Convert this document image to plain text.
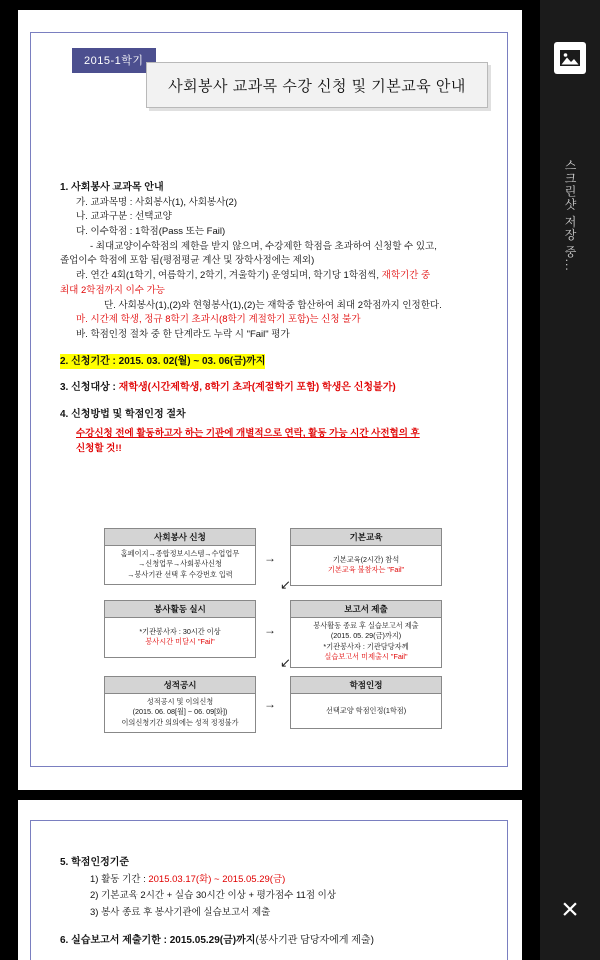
2015-1학기
사회봉사 교과목 수강 신청 및 기본교육 안내
1. 사회봉사 교과목 안내
가. 교과목명 : 사회봉사(1), 사회봉사(2)
나. 교과구분 : 선택교양
다. 이수학점 : 1학점(Pass 또는 Fail)
- 최대교양이수학점의 제한을 받지 않으며, 수강제한 학점을 초과하여 신청할 수 있고,
졸업이수 학점에 포함 됨(평점평균 계산 및 장학사정에는 제외)
라. 연간 4회(1학기, 여름학기, 2학기, 겨울학기) 운영되며, 학기당 1학점씩, 재학기간 중
최대 2학점까지 이수 가능
단. 사회봉사(1),(2)와 현형봉사(1),(2)는 재학중 합산하여 최대 2학점까지 인정한다.
마. 시간제 학생, 정규 8학기 초과시(8학기 계절학기 포함)는 신청 불가
바. 학점인정 절차 중 한 단계라도 누락 시 "Fail" 평가
2. 신청기간 : 2015. 03. 02(월) ~ 03. 06(금)까지
3. 신청대상 : 재학생(시간제학생, 8학기 초과(계절학기 포함) 학생은 신청불가)
4. 신청방법 및 학점인정 절차
수강신청 전에 활동하고자 하는 기관에 개별적으로 연락, 활동 가능 시간 사전협의 후
신청할 것!!
사회봉사 신청
홈페이지→종합정보시스템→수업업무
→신청업무→사회봉사신청
→봉사기관 선택 후 수강번호 입력
→
기본교육
기본교육(2시간) 참석
기본교육 불참자는 "Fail"
↙
봉사활동 실시
*기관봉사자 : 30시간 이상
봉사시간 미달시 "Fail"
→
보고서 제출
봉사활동 종료 후 실습보고서 제출
(2015. 05. 29(금)까지)
*기관봉사자 : 기관담당자께
실습보고서 미제출시 "Fail"
↙
성적공시
성적공시 및 이의신청
(2015. 06. 08[월] ~ 06. 09[화])
이의신청기간 의의에는 성적 정정불가
→
학점인정
선택교양 학점인정(1학점)
5. 학점인정기준
1) 활동 기간 : 2015.03.17(화) ~ 2015.05.29(금)
2) 기본교육 2시간 + 실습 30시간 이상 + 평가점수 11점 이상
3) 봉사 종료 후 봉사기관에 실습보고서 제출
6. 실습보고서 제출기한 : 2015.05.29(금)까지(봉사기관 담당자에게 제출)
스크린샷 저장 중...
×
